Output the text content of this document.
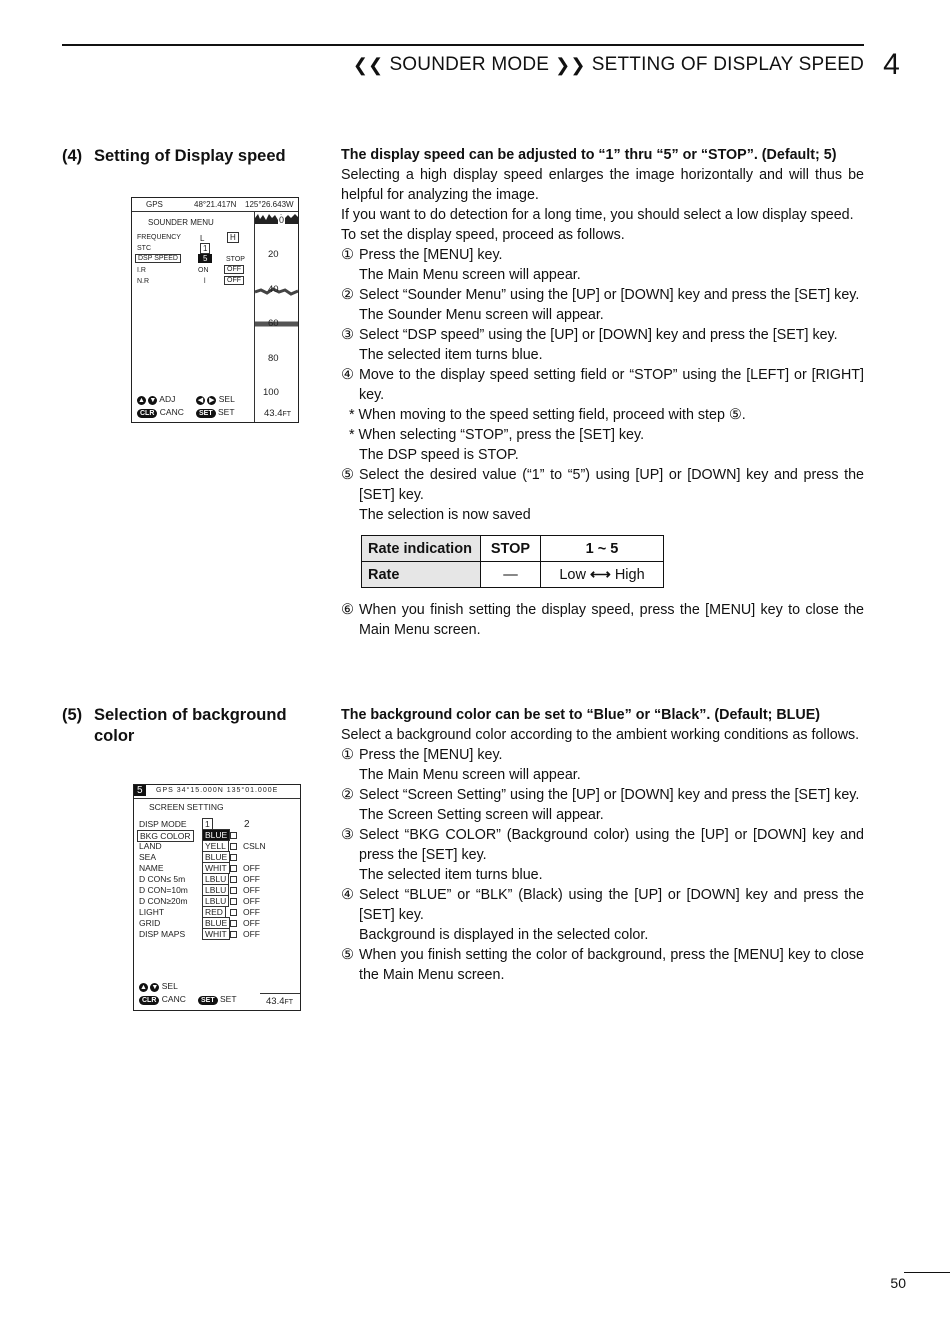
❮❮ SOUNDER MODE ❯❯ SETTING OF DISPLAY SPEED 4
(4) Setting of Display speed
GPS	48°21.417N 125°26.643W
SOUNDER MENU
FREQUENCY L	H
STC	1
DSP SPEED	5	STOP
I.R	ON	OFF
N.R	l	OFF
0
20
40
60
80
100
▲ ▼ ADJ	◀ ▶ SEL
CLR CANC	SET SET	43.4FT

The display speed can be adjusted to “1” thru “5” or “STOP”. (Default; 5)

Selecting a high display speed enlarges the image horizontally and will thus be helpful for analyzing the image.

If you want to do detection for a long time, you should select a low display speed.

To set the display speed, proceed as follows.

① Press the [MENU] key.

The Main Menu screen will appear.

② Select “Sounder Menu” using the [UP] or [DOWN] key and press the [SET] key.

The Sounder Menu screen will appear.

③ Select “DSP speed” using the [UP] or [DOWN] key and press the [SET] key.

The selected item turns blue.

④ Move to the display speed setting field or “STOP” using the [LEFT] or [RIGHT] key.

* When moving to the speed setting field, proceed with step ⑤.

* When selecting “STOP”, press the [SET] key.

The DSP speed is STOP.

⑤ Select the desired value (“1” to “5”) using [UP] or [DOWN] key and press the [SET] key.

The selection is now saved

Rate indication	STOP	1 ~ 5
Rate	—	Low ⟷ High
⑥ When you finish setting the display speed, press the [MENU] key to close the Main Menu screen.
(5) Selection of background color
5	GPS 34°15.000N 135°01.000E
SCREEN SETTING
DISP MODE	1	2
BKG COLOR	BLUE
LAND	YELL	CSLN
SEA	BLUE
NAME	WHIT	OFF
D CON≤ 5m	LBLU	OFF
D CON=10m	LBLU	OFF
D CON≥20m	LBLU	OFF
LIGHT	RED	OFF
GRID	BLUE	OFF
DISP MAPS	WHIT	OFF
▲ ▼ SEL
CLR CANC	SET SET	43.4FT

The background color can be set to “Blue” or “Black”. (Default; BLUE)

Select a background color according to the ambient working conditions as follows.

① Press the [MENU] key.

The Main Menu screen will appear.

② Select “Screen Setting” using the [UP] or [DOWN] key and press the [SET] key.

The Screen Setting screen will appear.

③ Select “BKG COLOR” (Background color) using the [UP] or [DOWN] key and press the [SET] key.

The selected item turns blue.

④ Select “BLUE” or “BLK” (Black) using the [UP] or [DOWN] key and press the [SET] key.

Background is displayed in the selected color.

⑤ When you finish setting the color of background, press the [MENU] key to close the Main Menu screen.
50
